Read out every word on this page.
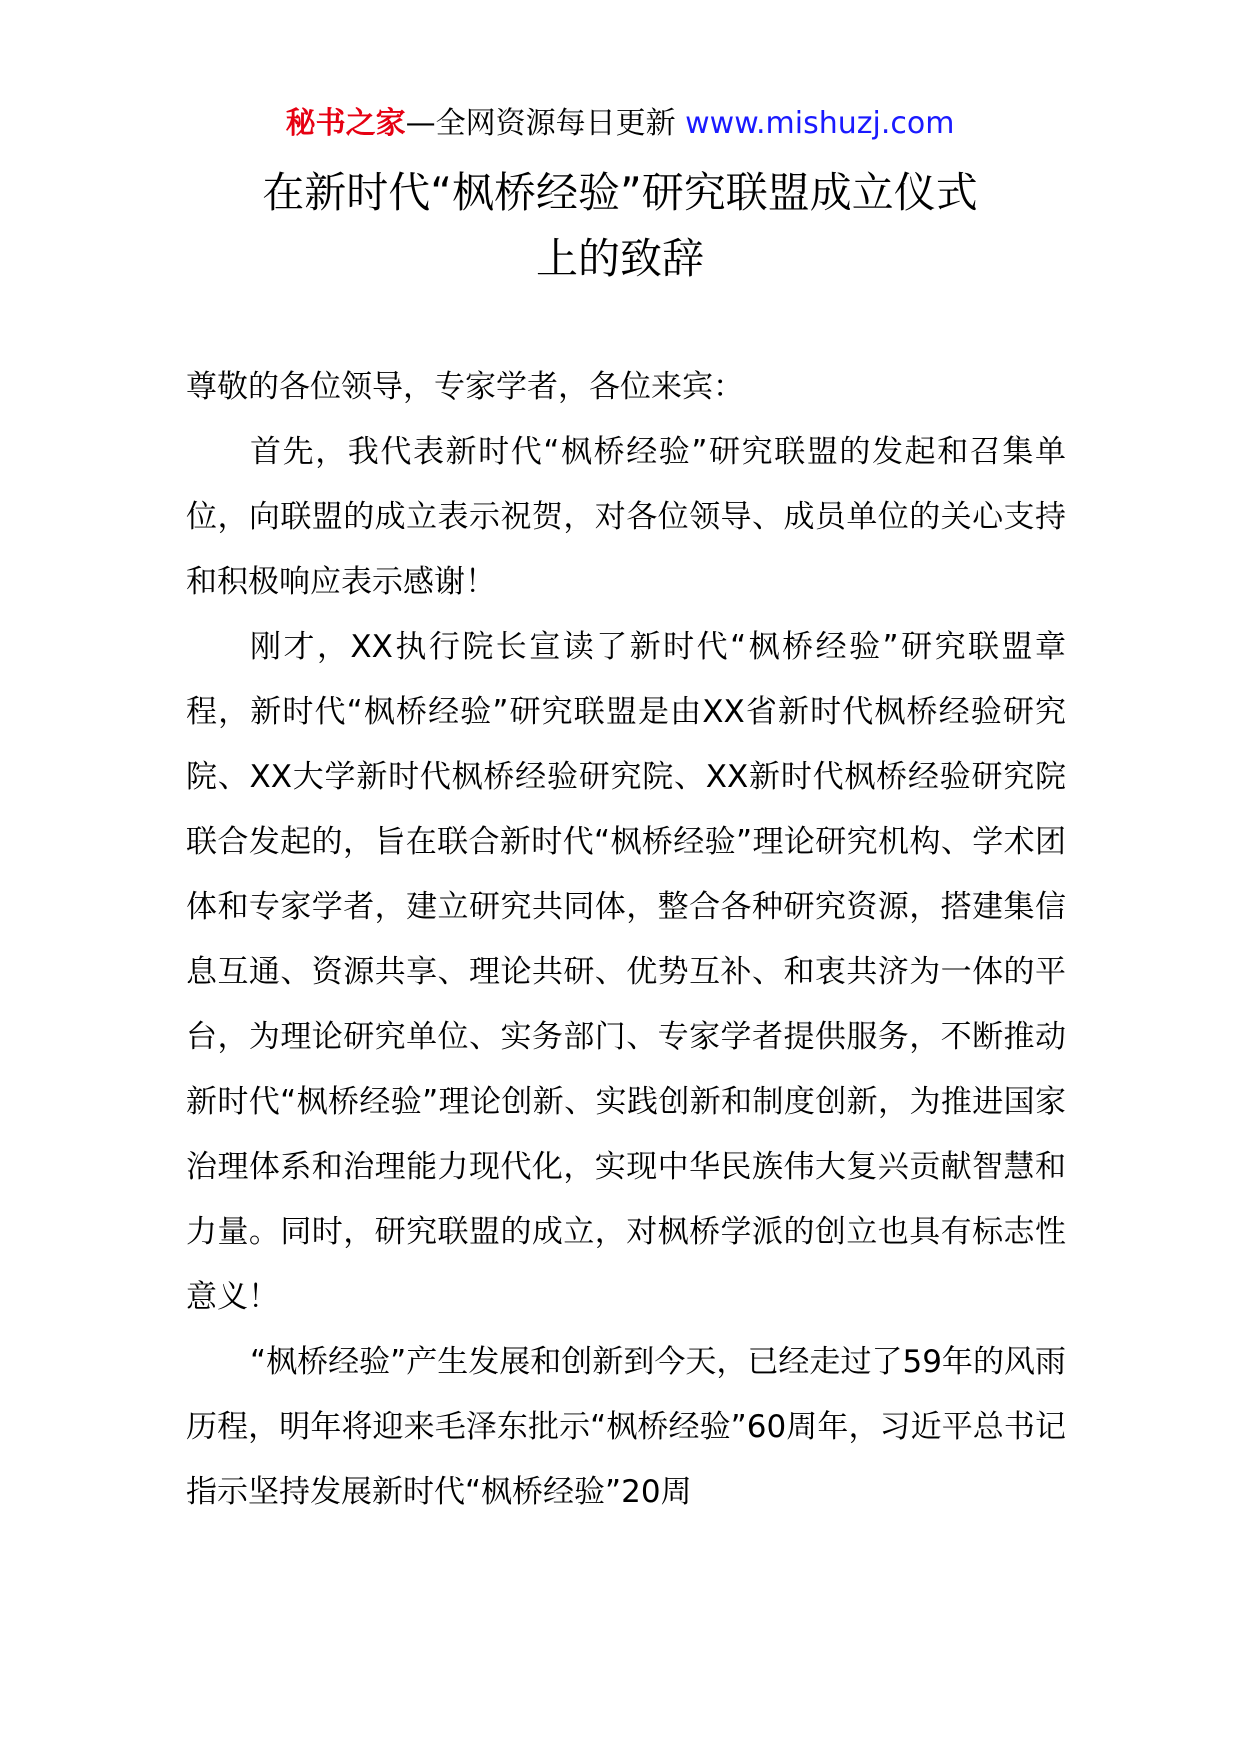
秘书之家—全网资源每日更新 www.mishuzj.com
在新时代“枫桥经验”研究联盟成立仪式
上的致辞

尊敬的各位领导，专家学者，各位来宾：

首先，我代表新时代“枫桥经验”研究联盟的发起和召集单位，向联盟的成立表示祝贺，对各位领导、成员单位的关心支持和积极响应表示感谢！

刚才，XX执行院长宣读了新时代“枫桥经验”研究联盟章程，新时代“枫桥经验”研究联盟是由XX省新时代枫桥经验研究院、XX大学新时代枫桥经验研究院、XX新时代枫桥经验研究院联合发起的，旨在联合新时代“枫桥经验”理论研究机构、学术团体和专家学者，建立研究共同体，整合各种研究资源，搭建集信息互通、资源共享、理论共研、优势互补、和衷共济为一体的平台，为理论研究单位、实务部门、专家学者提供服务，不断推动新时代“枫桥经验”理论创新、实践创新和制度创新，为推进国家治理体系和治理能力现代化，实现中华民族伟大复兴贡献智慧和力量。同时，研究联盟的成立，对枫桥学派的创立也具有标志性意义！

“枫桥经验”产生发展和创新到今天，已经走过了59年的风雨历程，明年将迎来毛泽东批示“枫桥经验”60周年，习近平总书记指示坚持发展新时代“枫桥经验”20周
